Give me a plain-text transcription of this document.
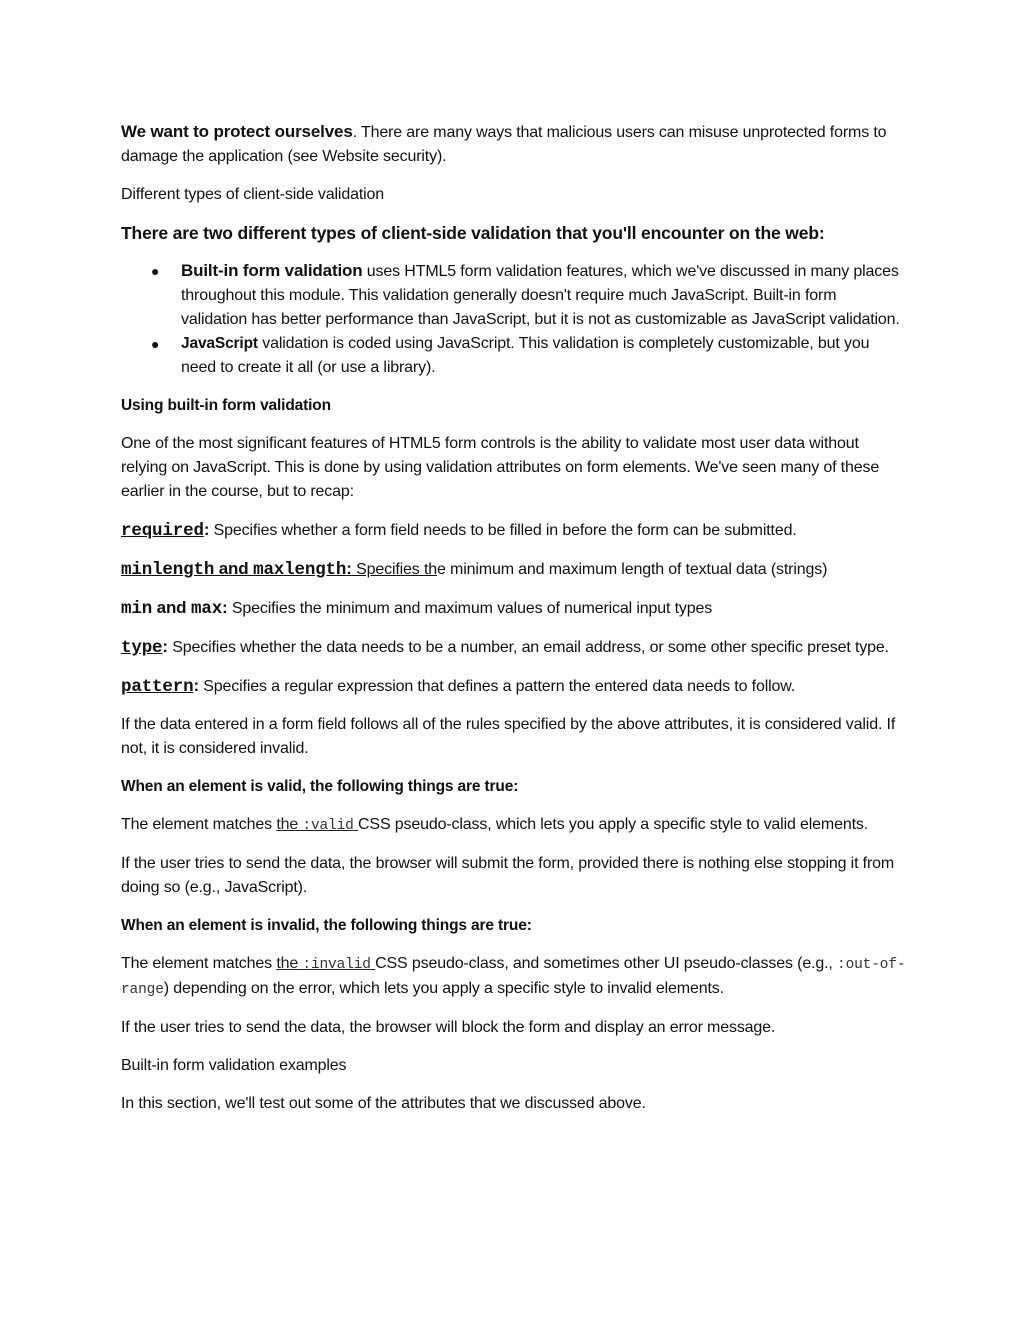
We want to protect ourselves. There are many ways that malicious users can misuse unprotected forms to damage the application (see Website security).

Different types of client-side validation

There are two different types of client-side validation that you'll encounter on the web:

● Built-in form validation uses HTML5 form validation features, which we've discussed in many places throughout this module. This validation generally doesn't require much JavaScript. Built-in form validation has better performance than JavaScript, but it is not as customizable as JavaScript validation.
● JavaScript validation is coded using JavaScript. This validation is completely customizable, but you need to create it all (or use a library).

Using built-in form validation

One of the most significant features of HTML5 form controls is the ability to validate most user data without relying on JavaScript. This is done by using validation attributes on form elements. We've seen many of these earlier in the course, but to recap:

required: Specifies whether a form field needs to be filled in before the form can be submitted.

minlength and maxlength: Specifies the minimum and maximum length of textual data (strings)

min and max: Specifies the minimum and maximum values of numerical input types

type: Specifies whether the data needs to be a number, an email address, or some other specific preset type.

pattern: Specifies a regular expression that defines a pattern the entered data needs to follow.

If the data entered in a form field follows all of the rules specified by the above attributes, it is considered valid. If not, it is considered invalid.

When an element is valid, the following things are true:

The element matches the :valid CSS pseudo-class, which lets you apply a specific style to valid elements.

If the user tries to send the data, the browser will submit the form, provided there is nothing else stopping it from doing so (e.g., JavaScript).

When an element is invalid, the following things are true:

The element matches the :invalid CSS pseudo-class, and sometimes other UI pseudo-classes (e.g., :out-of-range) depending on the error, which lets you apply a specific style to invalid elements.

If the user tries to send the data, the browser will block the form and display an error message.

Built-in form validation examples

In this section, we'll test out some of the attributes that we discussed above.
